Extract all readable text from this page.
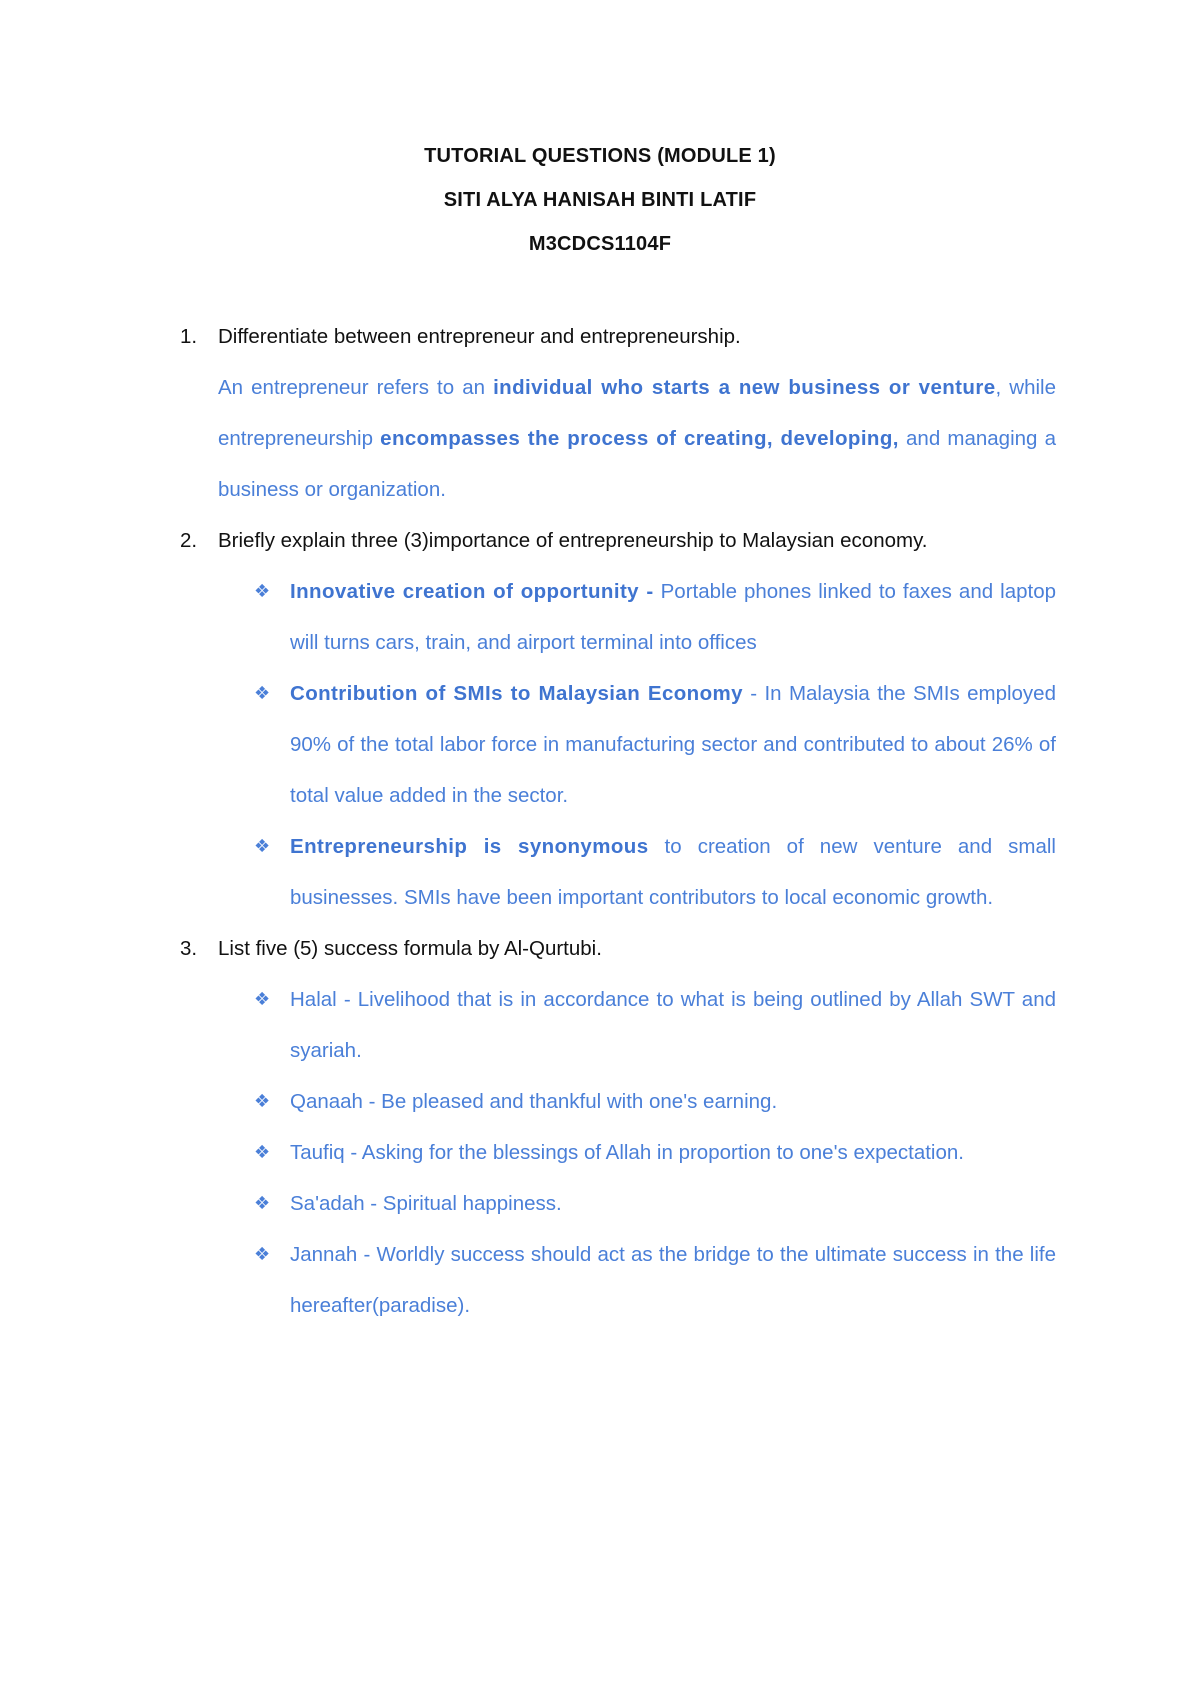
TUTORIAL QUESTIONS (MODULE 1)
SITI ALYA HANISAH BINTI LATIF
M3CDCS1104F
1.	Differentiate between entrepreneur and entrepreneurship.
An entrepreneur refers to an individual who starts a new business or venture, while entrepreneurship encompasses the process of creating, developing, and managing a business or organization.
2.	Briefly explain three (3)importance of entrepreneurship to Malaysian economy.
❖ Innovative creation of opportunity - Portable phones linked to faxes and laptop will turns cars, train, and airport terminal into offices
❖ Contribution of SMIs to Malaysian Economy - In Malaysia the SMIs employed 90% of the total labor force in manufacturing sector and contributed to about 26% of total value added in the sector.
❖ Entrepreneurship is synonymous to creation of new venture and small businesses. SMIs have been important contributors to local economic growth.
3.	List five (5) success formula by Al-Qurtubi.
❖ Halal - Livelihood that is in accordance to what is being outlined by Allah SWT and syariah.
❖ Qanaah - Be pleased and thankful with one's earning.
❖ Taufiq - Asking for the blessings of Allah in proportion to one's expectation.
❖ Sa'adah - Spiritual happiness.
❖ Jannah - Worldly success should act as the bridge to the ultimate success in the life hereafter(paradise).
